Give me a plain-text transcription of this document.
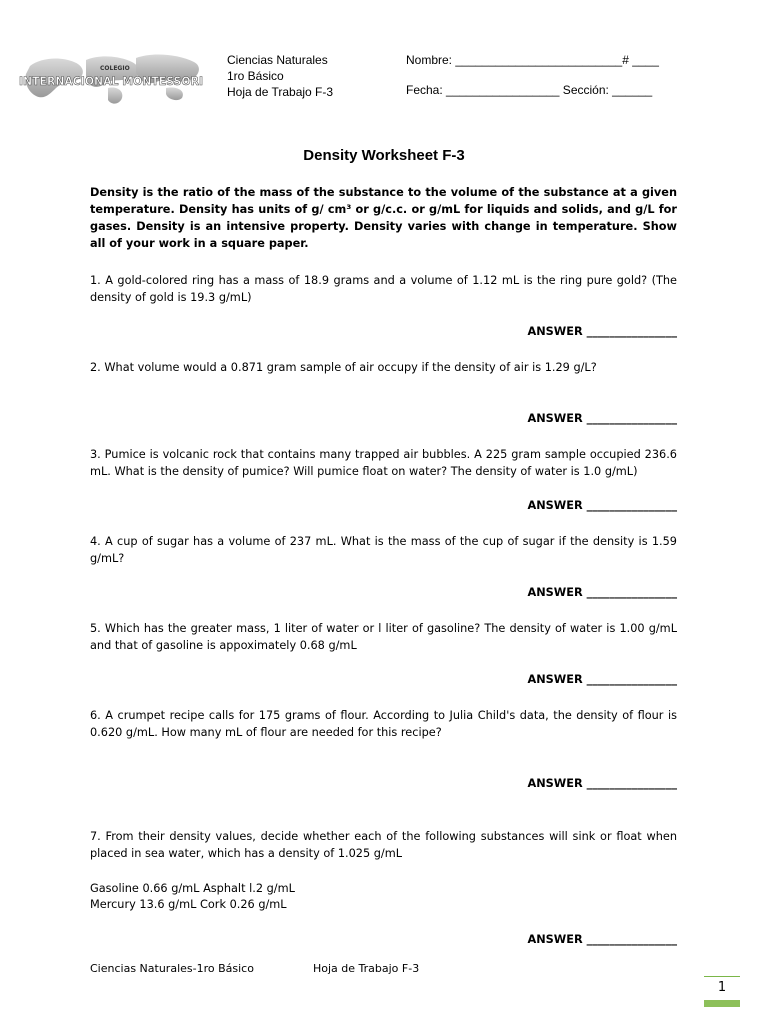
COLEGIO
INTERNACIONAL MONTESSORI
Ciencias Naturales
1ro Básico
Hoja de Trabajo F-3
Nombre: _________________________# ____
Fecha: _________________ Sección: ______
Density Worksheet F-3
Density is the ratio of the mass of the substance to the volume of the substance at a given temperature. Density has units of g/ cm³ or g/c.c. or g/mL for liquids and solids, and g/L for gases. Density is an intensive property. Density varies with change in temperature. Show all of your work in a square paper.
1. A gold-colored ring has a mass of 18.9 grams and a volume of 1.12 mL is the ring pure gold? (The density of gold is 19.3 g/mL)
ANSWER ________________
2. What volume would a 0.871 gram sample of air occupy if the density of air is 1.29 g/L?
ANSWER ________________
3. Pumice is volcanic rock that contains many trapped air bubbles. A 225 gram sample occupied 236.6 mL. What is the density of pumice? Will pumice float on water? The density of water is 1.0 g/mL)
ANSWER ________________
4. A cup of sugar has a volume of 237 mL. What is the mass of the cup of sugar if the density is 1.59 g/mL?
ANSWER ________________
5. Which has the greater mass, 1 liter of water or l liter of gasoline? The density of water is 1.00 g/mL and that of gasoline is appoximately 0.68 g/mL
ANSWER ________________
6. A crumpet recipe calls for 175 grams of flour. According to Julia Child's data, the density of flour is 0.620 g/mL. How many mL of flour are needed for this recipe?
ANSWER ________________
7. From their density values, decide whether each of the following substances will sink or float when placed in sea water, which has a density of 1.025 g/mL
Gasoline 0.66 g/mL Asphalt l.2 g/mL
Mercury 13.6 g/mL Cork 0.26 g/mL
ANSWER ________________
Ciencias Naturales-1ro Básico	Hoja de Trabajo F-3
1
